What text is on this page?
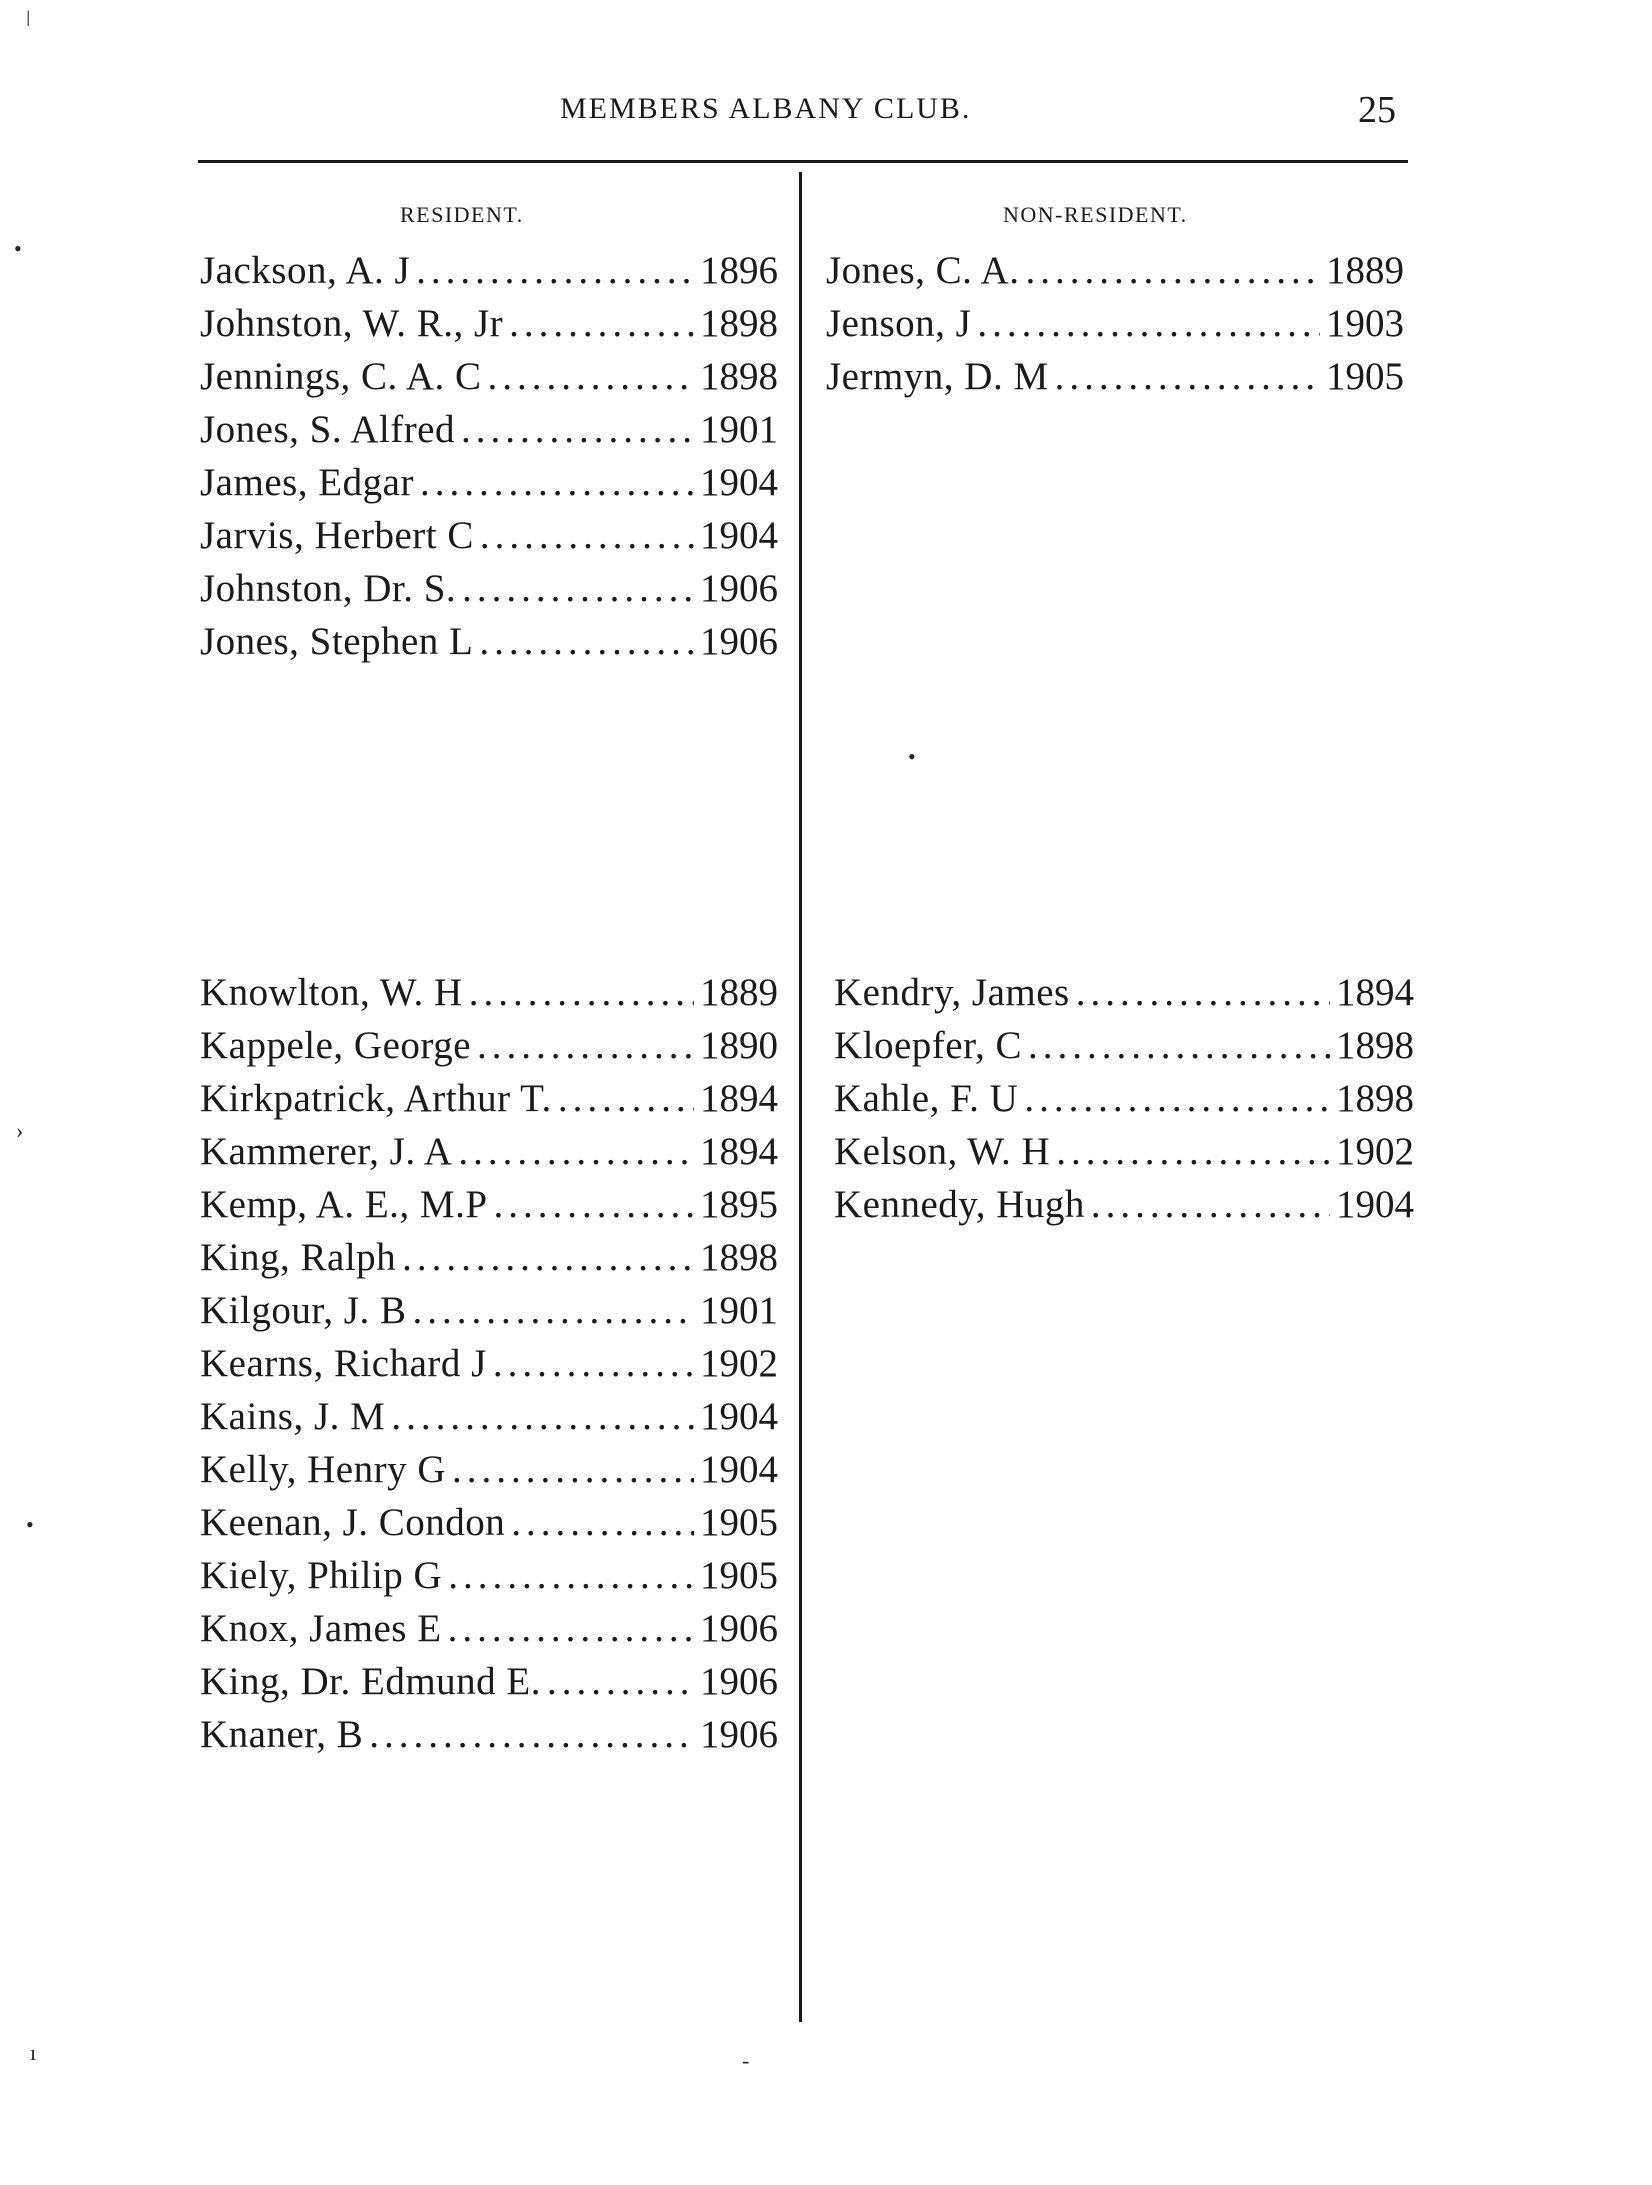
MEMBERS ALBANY CLUB.	25
RESIDENT.	NON-RESIDENT.
Jackson, A. J .....	1896
Johnston, W. R., Jr .....	1898
Jennings, C. A. C .....	1898
Jones, S. Alfred .....	1901
James, Edgar .....	1904
Jarvis, Herbert C .....	1904
Johnston, Dr. S. .....	1906
Jones, Stephen L .....	1906
Jones, C. A. .....	1889
Jenson, J .....	1903
Jermyn, D. M .....	1905
Knowlton, W. H .....	1889
Kappele, George .....	1890
Kirkpatrick, Arthur T. .....	1894
Kammerer, J. A .....	1894
Kemp, A. E., M.P .....	1895
King, Ralph .....	1898
Kilgour, J. B .....	1901
Kearns, Richard J .....	1902
Kains, J. M .....	1904
Kelly, Henry G .....	1904
Keenan, J. Condon .....	1905
Kiely, Philip G .....	1905
Knox, James E .....	1906
King, Dr. Edmund E. .....	1906
Knaner, B .....	1906
Kendry, James .....	1894
Kloepfer, C .....	1898
Kahle, F. U .....	1898
Kelson, W. H .....	1902
Kennedy, Hugh .....	1904
ǀ
•
›
•
•
ı	-
